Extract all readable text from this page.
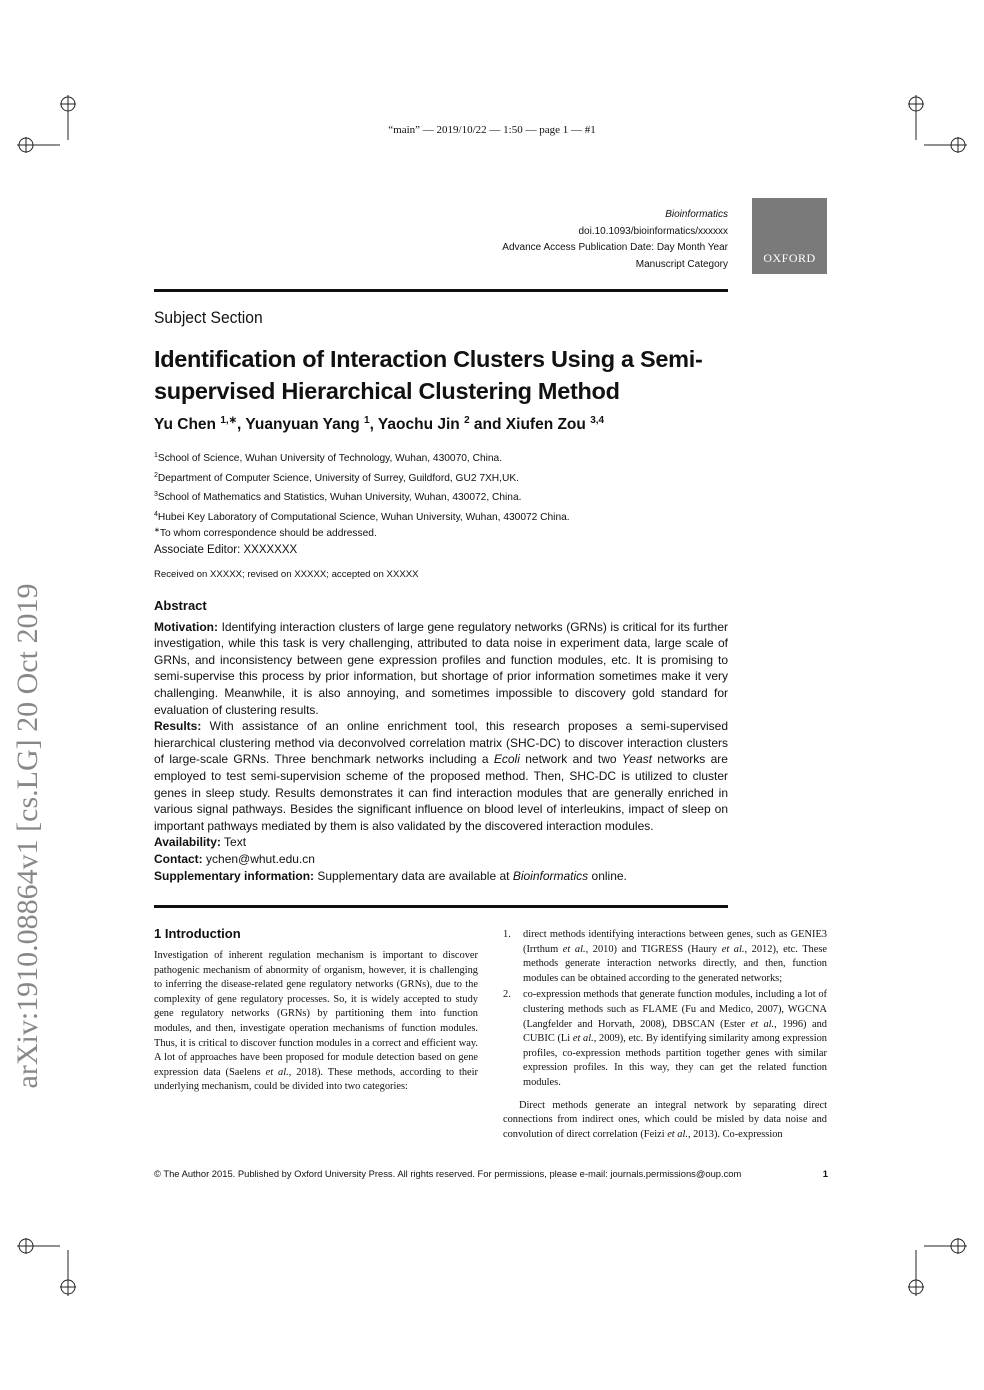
“main” — 2019/10/22 — 1:50 — page 1 — #1
Bioinformatics
doi.10.1093/bioinformatics/xxxxxx
Advance Access Publication Date: Day Month Year
Manuscript Category	OXFORD
Subject Section
Identification of Interaction Clusters Using a Semi-supervised Hierarchical Clustering Method
Yu Chen $^{1,∗}$, Yuanyuan Yang $^1$, Yaochu Jin $^2$ and Xiufen Zou $^{3,4}$
$^1$School of Science, Wuhan University of Technology, Wuhan, 430070, China.
$^2$Department of Computer Science, University of Surrey, Guildford, GU2 7XH,UK.
$^3$School of Mathematics and Statistics, Wuhan University, Wuhan, 430072, China.
$^4$Hubei Key Laboratory of Computational Science, Wuhan University, Wuhan, 430072 China.
∗To whom correspondence should be addressed.
Associate Editor: XXXXXXX
Received on XXXXX; revised on XXXXX; accepted on XXXXX
Abstract

Motivation: Identifying interaction clusters of large gene regulatory networks (GRNs) is critical for its further investigation, while this task is very challenging, attributed to data noise in experiment data, large scale of GRNs, and inconsistency between gene expression profiles and function modules, etc. It is promising to semi-supervise this process by prior information, but shortage of prior information sometimes make it very challenging. Meanwhile, it is also annoying, and sometimes impossible to discovery gold standard for evaluation of clustering results.

Results: With assistance of an online enrichment tool, this research proposes a semi-supervised hierarchical clustering method via deconvolved correlation matrix (SHC-DC) to discover interaction clusters of large-scale GRNs. Three benchmark networks including a Ecoli network and two Yeast networks are employed to test semi-supervision scheme of the proposed method. Then, SHC-DC is utilized to cluster genes in sleep study. Results demonstrates it can find interaction modules that are generally enriched in various signal pathways. Besides the significant influence on blood level of interleukins, impact of sleep on important pathways mediated by them is also validated by the discovered interaction modules.

Availability: Text

Contact: ychen@whut.edu.cn

Supplementary information: Supplementary data are available at Bioinformatics online.

1 Introduction

Investigation of inherent regulation mechanism is important to discover pathogenic mechanism of abnormity of organism, however, it is challenging to inferring the disease-related gene regulatory networks (GRNs), due to the complexity of gene regulatory processes. So, it is widely accepted to study gene regulatory networks (GRNs) by partitioning them into function modules, and then, investigate operation mechanisms of function modules. Thus, it is critical to discover function modules in a correct and efficient way. A lot of approaches have been proposed for module detection based on gene expression data (Saelens et al., 2018). These methods, according to their underlying mechanism, could be divided into two categories:

1. direct methods identifying interactions between genes, such as GENIE3 (Irrthum et al., 2010) and TIGRESS (Haury et al., 2012), etc. These methods generate interaction networks directly, and then, function modules can be obtained according to the generated networks;
2. co-expression methods that generate function modules, including a lot of clustering methods such as FLAME (Fu and Medico, 2007), WGCNA (Langfelder and Horvath, 2008), DBSCAN (Ester et al., 1996) and CUBIC (Li et al., 2009), etc. By identifying similarity among expression profiles, co-expression methods partition together genes with similar expression profiles. In this way, they can get the related function modules.

Direct methods generate an integral network by separating direct connections from indirect ones, which could be misled by data noise and convolution of direct correlation (Feizi et al., 2013). Co-expression

© The Author 2015. Published by Oxford University Press. All rights reserved. For permissions, please e-mail: journals.permissions@oup.com	1
arXiv:1910.08864v1 [cs.LG] 20 Oct 2019
